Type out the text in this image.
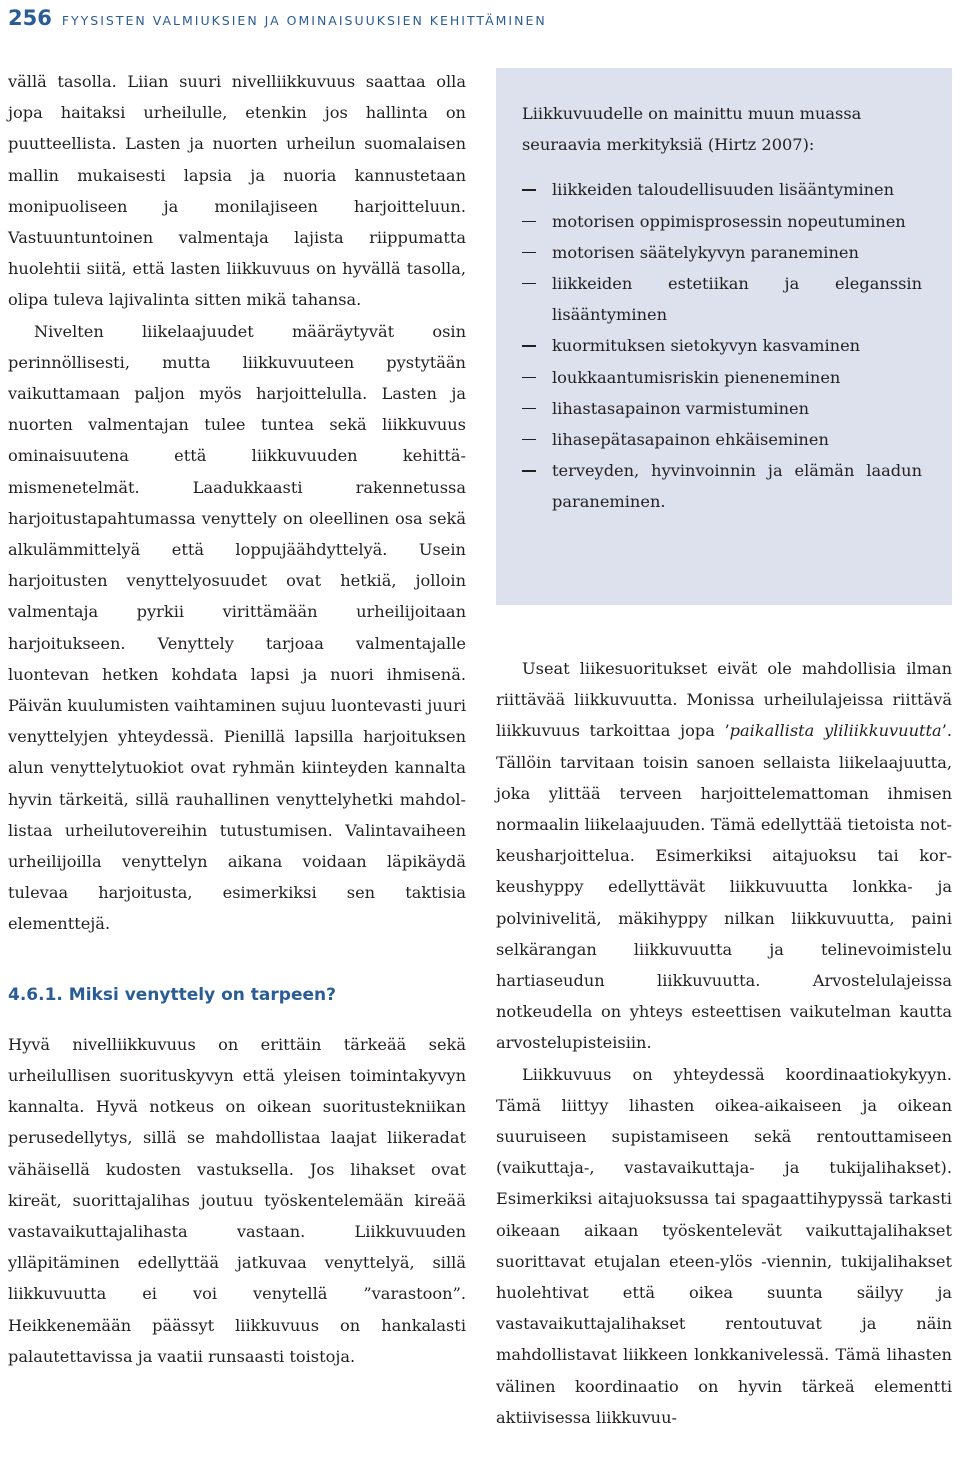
256 FYYSISTEN VALMIUKSIEN JA OMINAISUUKSIEN KEHITTÄMINEN

vällä tasolla. Liian suuri nivelliikkuvuus saattaa olla jopa haitaksi urheilulle, etenkin jos hallinta on puutteellista. Lasten ja nuorten urheilun suomalaisen mallin mukaisesti lapsia ja nuoria kannustetaan monipuoliseen ja monilajiseen harjoitteluun. Vastuuntuntoinen valmentaja lajista riippumatta huolehtii siitä, että lasten liikkuvuus on hyvällä tasolla, olipa tuleva lajivalinta sitten mikä tahansa.

Nivelten liikelaajuudet määräytyvät osin perinnöllisesti, mutta liikkuvuuteen pystytään vaikuttamaan paljon myös harjoittelulla. Lasten ja nuorten valmentajan tulee tuntea sekä liikkuvuus ominaisuutena että liikkuvuuden kehittämismenetelmät. Laadukkaasti rakennetussa harjoitustapahtumassa venyttely on oleellinen osa sekä alkulämmittelyä että loppujäähdyttelyä. Usein harjoitusten venyttelyosuudet ovat hetkiä, jolloin valmentaja pyrkii virittämään urheilijoitaan harjoitukseen. Venyttely tarjoaa valmentajalle luontevan hetken kohdata lapsi ja nuori ihmisenä. Päivän kuulumisten vaihtaminen sujuu luontevasti juuri venyttelyjen yhteydessä. Pienillä lapsilla harjoituksen alun venyttelytuokiot ovat ryhmän kiinteyden kannalta hyvin tärkeitä, sillä rauhallinen venyttelyhetki mahdollistaa urheilutovereihin tutustumisen. Valintavaiheen urheilijoilla venyttelyn aikana voidaan läpikäydä tulevaa harjoitusta, esimerkiksi sen taktisia elementtejä.

4.6.1. Miksi venyttely on tarpeen?

Hyvä nivelliikkuvuus on erittäin tärkeää sekä urheilullisen suorituskyvyn että yleisen toimintakyvyn kannalta. Hyvä notkeus on oikean suoritustekniikan perusedellytys, sillä se mahdollistaa laajat liikeradat vähäisellä kudosten vastuksella. Jos lihakset ovat kireät, suorittajalihas joutuu työskentelemään kireää vastavaikuttajalihasta vastaan. Liikkuvuuden ylläpitäminen edellyttää jatkuvaa venyttelyä, sillä liikkuvuutta ei voi venytellä ”varastoon”. Heikkenemään päässyt liikkuvuus on hankalasti palautettavissa ja vaatii runsaasti toistoja.

Liikkuvuudelle on mainittu muun muassa seuraavia merkityksiä (Hirtz 2007):

liikkeiden taloudellisuuden lisääntyminen
motorisen oppimisprosessin nopeutuminen
motorisen säätelykyvyn paraneminen
liikkeiden estetiikan ja eleganssin lisääntyminen
kuormituksen sietokyvyn kasvaminen
loukkaantumisriskin pieneneminen
lihastasapainon varmistuminen
lihasepätasapainon ehkäiseminen
terveyden, hyvinvoinnin ja elämän laadun paraneminen.

Useat liikesuoritukset eivät ole mahdollisia ilman riittävää liikkuvuutta. Monissa urheilulajeissa riittävä liikkuvuus tarkoittaa jopa ’paikallista yliliikkuvuutta’. Tällöin tarvitaan toisin sanoen sellaista liikelaajuutta, joka ylittää terveen harjoittelemattoman ihmisen normaalin liikelaajuuden. Tämä edellyttää tietoista notkeusharjoittelua. Esimerkiksi aitajuoksu tai korkeushyppy edellyttävät liikkuvuutta lonkka- ja polvinivelitä, mäkihyppy nilkan liikkuvuutta, paini selkärangan liikkuvuutta ja telinevoimistelu hartiaseudun liikkuvuutta. Arvostelulajeissa notkeudella on yhteys esteettisen vaikutelman kautta arvostelupisteisiin.

Liikkuvuus on yhteydessä koordinaatiokykyyn. Tämä liittyy lihasten oikea-aikaiseen ja oikean suuruiseen supistamiseen sekä rentouttamiseen (vaikuttaja-, vastavaikuttaja- ja tukijalihakset). Esimerkiksi aitajuoksussa tai spagaattihypyssä tarkasti oikeaan aikaan työskentelevät vaikuttajalihakset suorittavat etujalan eteen-ylös -viennin, tukijalihakset huolehtivat että oikea suunta säilyy ja vastavaikuttajalihakset rentoutuvat ja näin mahdollistavat liikkeen lonkkanivelessä. Tämä lihasten välinen koordinaatio on hyvin tärkeä elementti aktiivisessa liikkuvuu-
